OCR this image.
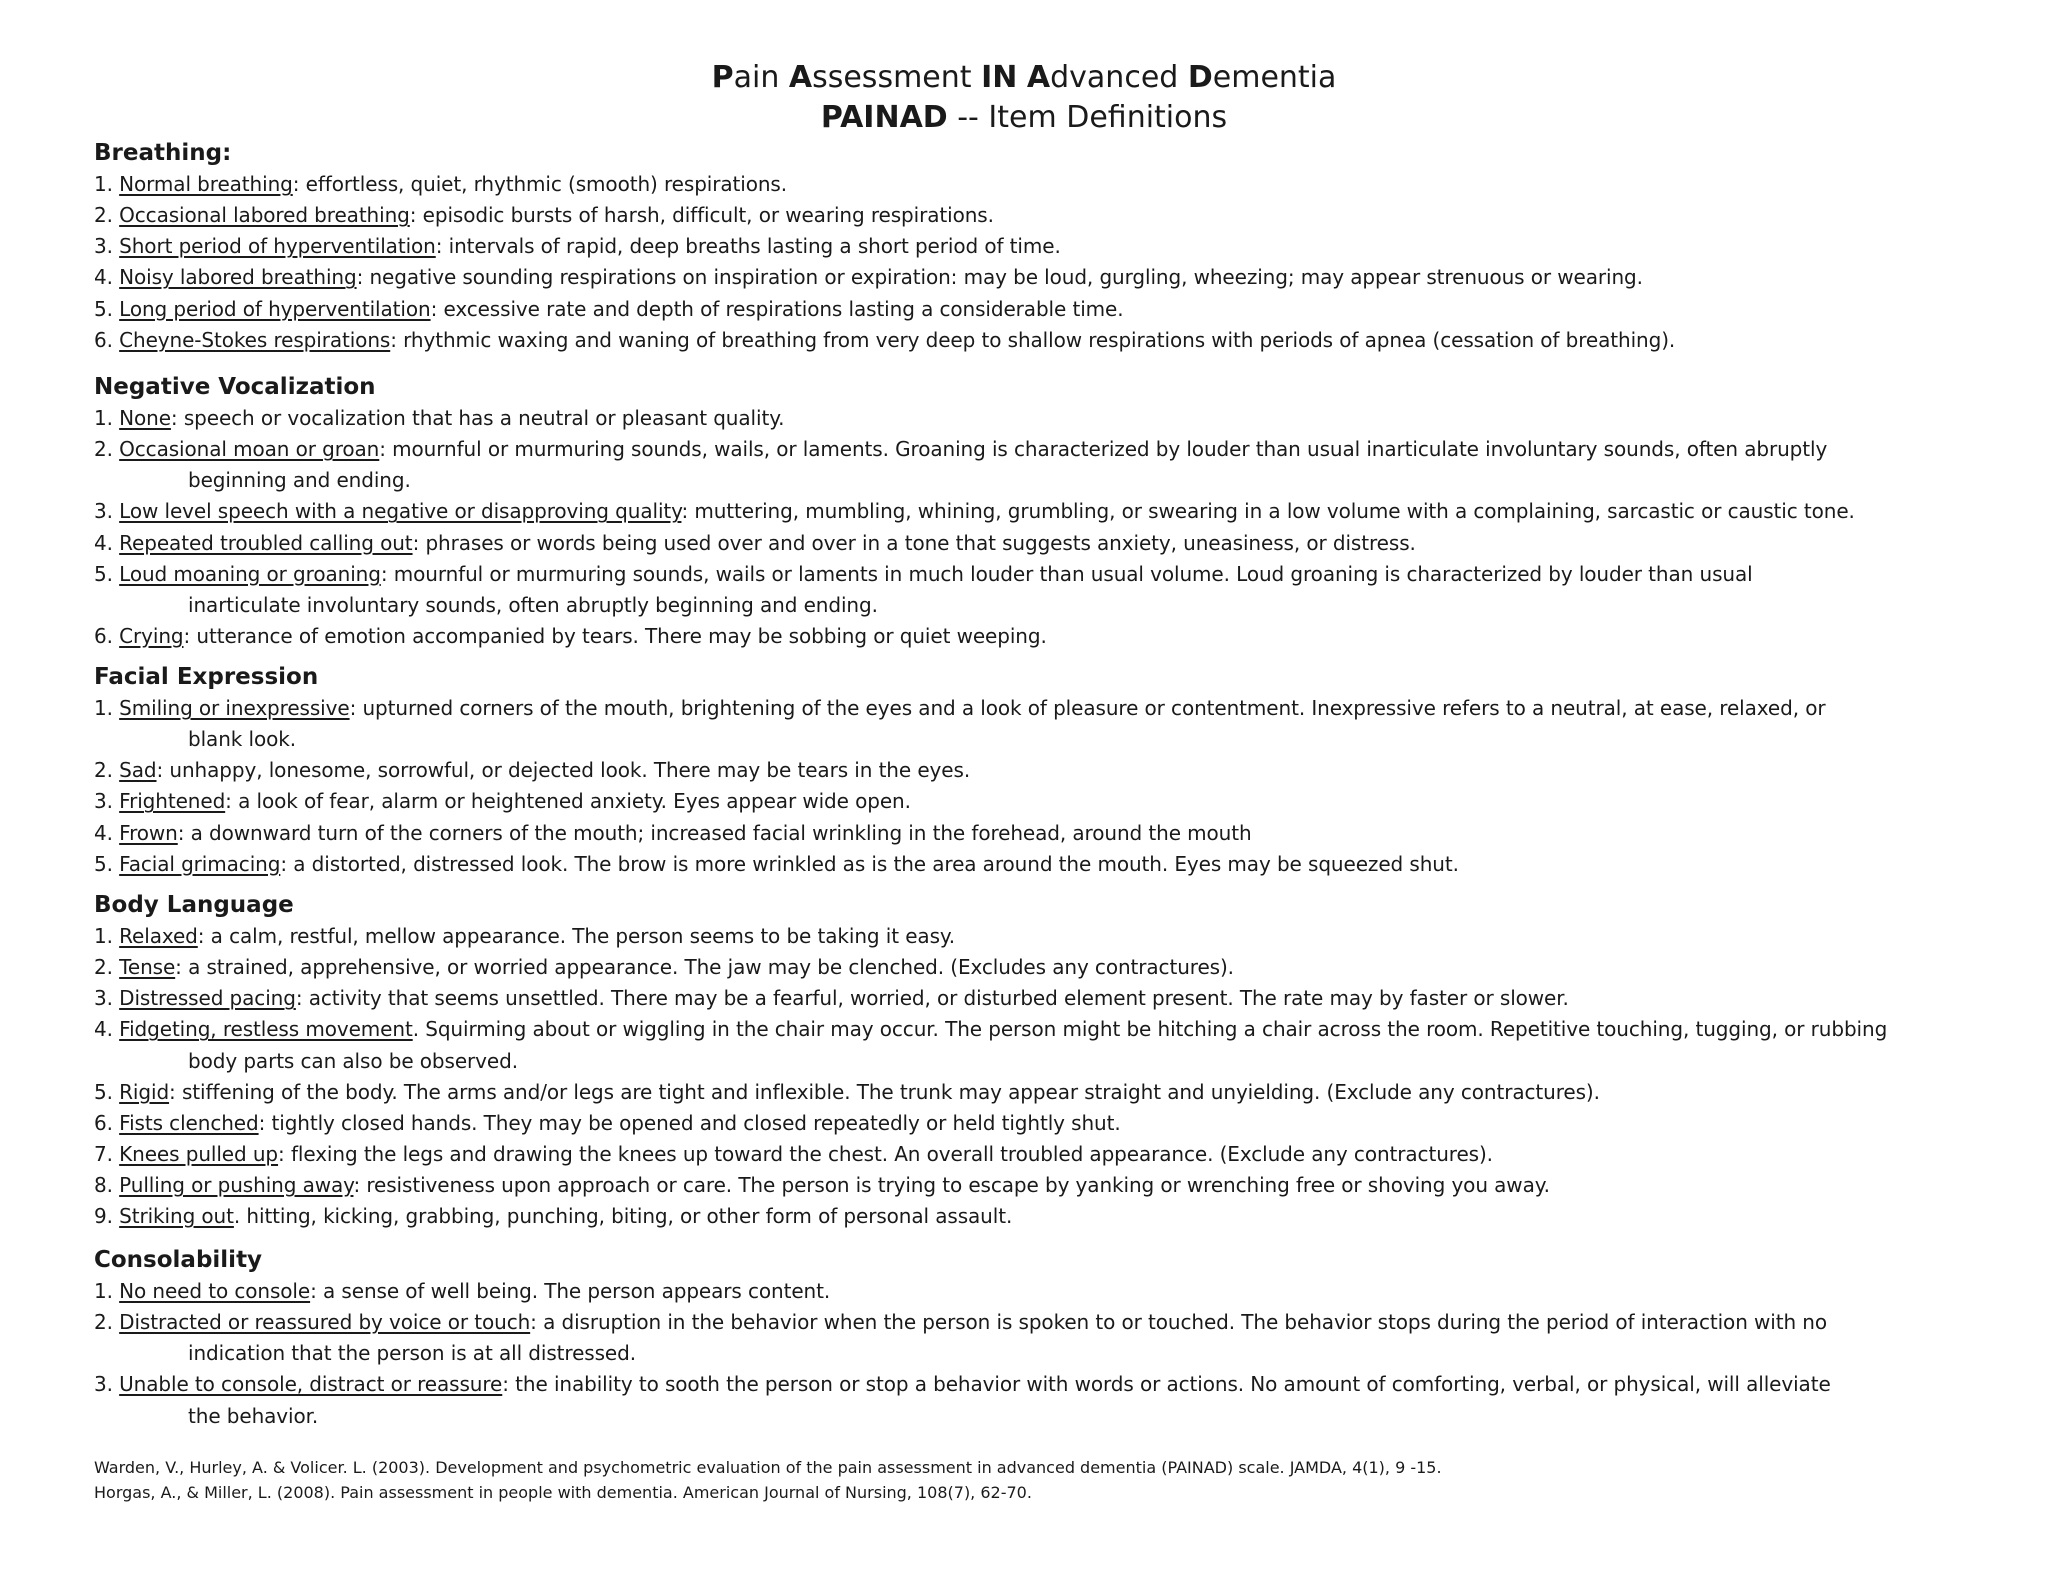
Pain Assessment IN Advanced Dementia
PAINAD -- Item Definitions
Breathing:
1. Normal breathing: effortless, quiet, rhythmic (smooth) respirations.
2. Occasional labored breathing: episodic bursts of harsh, difficult, or wearing respirations.
3. Short period of hyperventilation: intervals of rapid, deep breaths lasting a short period of time.
4. Noisy labored breathing: negative sounding respirations on inspiration or expiration: may be loud, gurgling, wheezing; may appear strenuous or wearing.
5. Long period of hyperventilation: excessive rate and depth of respirations lasting a considerable time.
6. Cheyne-Stokes respirations: rhythmic waxing and waning of breathing from very deep to shallow respirations with periods of apnea (cessation of breathing).
Negative Vocalization
1. None: speech or vocalization that has a neutral or pleasant quality.
2. Occasional moan or groan: mournful or murmuring sounds, wails, or laments. Groaning is characterized by louder than usual inarticulate involuntary sounds, often abruptly
beginning and ending.
3. Low level speech with a negative or disapproving quality: muttering, mumbling, whining, grumbling, or swearing in a low volume with a complaining, sarcastic or caustic tone.
4. Repeated troubled calling out: phrases or words being used over and over in a tone that suggests anxiety, uneasiness, or distress.
5. Loud moaning or groaning: mournful or murmuring sounds, wails or laments in much louder than usual volume. Loud groaning is characterized by louder than usual
inarticulate involuntary sounds, often abruptly beginning and ending.
6. Crying: utterance of emotion accompanied by tears. There may be sobbing or quiet weeping.
Facial Expression
1. Smiling or inexpressive: upturned corners of the mouth, brightening of the eyes and a look of pleasure or contentment. Inexpressive refers to a neutral, at ease, relaxed, or
blank look.
2. Sad: unhappy, lonesome, sorrowful, or dejected look. There may be tears in the eyes.
3. Frightened: a look of fear, alarm or heightened anxiety. Eyes appear wide open.
4. Frown: a downward turn of the corners of the mouth; increased facial wrinkling in the forehead, around the mouth
5. Facial grimacing: a distorted, distressed look. The brow is more wrinkled as is the area around the mouth. Eyes may be squeezed shut.
Body Language
1. Relaxed: a calm, restful, mellow appearance. The person seems to be taking it easy.
2. Tense: a strained, apprehensive, or worried appearance. The jaw may be clenched. (Excludes any contractures).
3. Distressed pacing: activity that seems unsettled. There may be a fearful, worried, or disturbed element present. The rate may by faster or slower.
4. Fidgeting, restless movement. Squirming about or wiggling in the chair may occur. The person might be hitching a chair across the room. Repetitive touching, tugging, or rubbing
body parts can also be observed.
5. Rigid: stiffening of the body. The arms and/or legs are tight and inflexible. The trunk may appear straight and unyielding. (Exclude any contractures).
6. Fists clenched: tightly closed hands. They may be opened and closed repeatedly or held tightly shut.
7. Knees pulled up: flexing the legs and drawing the knees up toward the chest. An overall troubled appearance. (Exclude any contractures).
8. Pulling or pushing away: resistiveness upon approach or care. The person is trying to escape by yanking or wrenching free or shoving you away.
9. Striking out. hitting, kicking, grabbing, punching, biting, or other form of personal assault.
Consolability
1. No need to console: a sense of well being. The person appears content.
2. Distracted or reassured by voice or touch: a disruption in the behavior when the person is spoken to or touched. The behavior stops during the period of interaction with no
indication that the person is at all distressed.
3. Unable to console, distract or reassure: the inability to sooth the person or stop a behavior with words or actions. No amount of comforting, verbal, or physical, will alleviate
the behavior.
Warden, V., Hurley, A. & Volicer. L. (2003). Development and psychometric evaluation of the pain assessment in advanced dementia (PAINAD) scale. JAMDA, 4(1), 9 -15.
Horgas, A., & Miller, L. (2008). Pain assessment in people with dementia. American Journal of Nursing, 108(7), 62-70.
